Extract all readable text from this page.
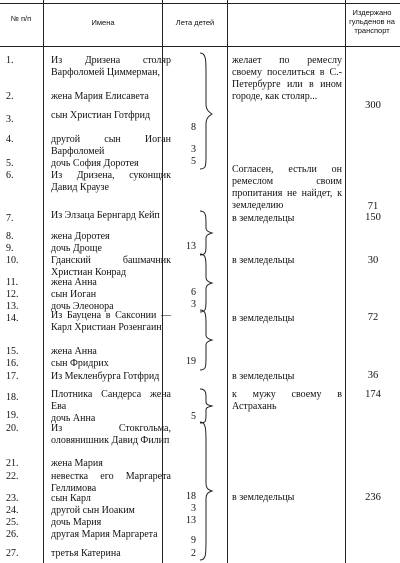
№ п/п	Имена	Лета детей
Издержано гульденов на транспорт
1.
2.
3.
4.
5.
6.
7.
8.
9.
10.
11.
12.
13.
14.
15.
16.
17.
18.
19.
20.
21.
22.
23.
24.
25.
26.
27.
Из Дризена столяр Варфоломей Циммерман,
жена Мария Елисавета
сын Христиан Готфрид
другой сын Иоган Варфоломей
дочь София Доротея
Из Дризена, суконщик Давид Краузе
Из Элзаца Бернгард Кейп
жена Доротея
дочь Дроще
Гданский башмачник Христиан Конрад
жена Анна
сын Иоган
дочь Элеонора
Из Бауцена в Саксонии — Карл Христиан Розенгаин
жена Анна
сын Фридрих
Из Мекленбурга Готфрид
Плотника Сандерса жена Ева
дочь Анна
Из Стокгольма, оловянишник Давид Филип
жена Мария
невестка его Маргарета Геллимова
сын Карл
другой сын Иоаким
дочь Мария
другая Мария Маргарета
третья Катерина
8
3
5
13
6
3
19
5
18
3
13
9
2
желает по ремеслу своему поселиться в С.-Петербурге или в ином городе, как столяр...
Согласен, естьли он ремеслом своим пропитания не найдет, к земледелию
в земледельцы
в земледельцы
в земледельцы
в земледельцы
к мужу своему в Астрахань
в земледельцы
300
71
150
30
72
36
174
236
